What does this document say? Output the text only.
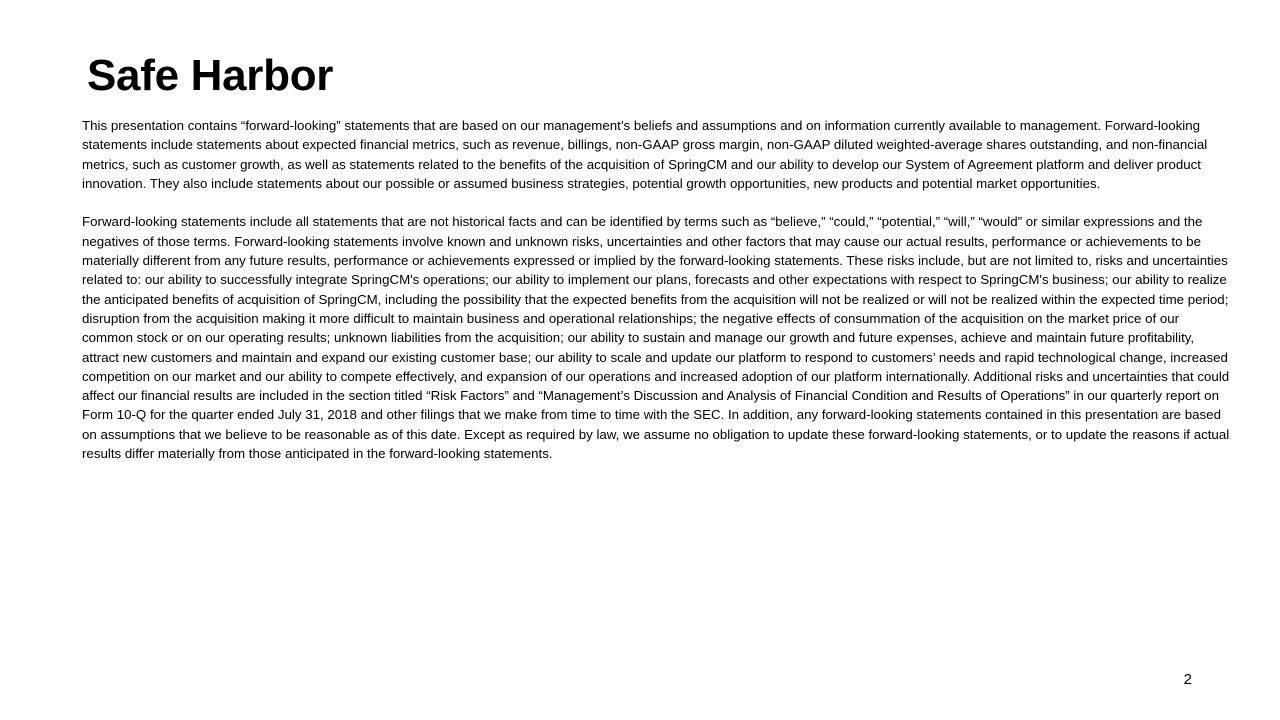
Safe Harbor

This presentation contains “forward-looking” statements that are based on our management’s beliefs and assumptions and on information currently available to management. Forward-looking statements include statements about expected financial metrics, such as revenue, billings, non-GAAP gross margin, non-GAAP diluted weighted-average shares outstanding, and non-financial metrics, such as customer growth, as well as statements related to the benefits of the acquisition of SpringCM and our ability to develop our System of Agreement platform and deliver product innovation. They also include statements about our possible or assumed business strategies, potential growth opportunities, new products and potential market opportunities.

Forward-looking statements include all statements that are not historical facts and can be identified by terms such as “believe,” “could,” “potential,” “will,” “would” or similar expressions and the negatives of those terms. Forward-looking statements involve known and unknown risks, uncertainties and other factors that may cause our actual results, performance or achievements to be materially different from any future results, performance or achievements expressed or implied by the forward-looking statements. These risks include, but are not limited to, risks and uncertainties related to: our ability to successfully integrate SpringCM's operations; our ability to implement our plans, forecasts and other expectations with respect to SpringCM's business; our ability to realize the anticipated benefits of acquisition of SpringCM, including the possibility that the expected benefits from the acquisition will not be realized or will not be realized within the expected time period; disruption from the acquisition making it more difficult to maintain business and operational relationships; the negative effects of consummation of the acquisition on the market price of our common stock or on our operating results; unknown liabilities from the acquisition; our ability to sustain and manage our growth and future expenses, achieve and maintain future profitability, attract new customers and maintain and expand our existing customer base; our ability to scale and update our platform to respond to customers’ needs and rapid technological change, increased competition on our market and our ability to compete effectively, and expansion of our operations and increased adoption of our platform internationally. Additional risks and uncertainties that could affect our financial results are included in the section titled “Risk Factors” and “Management’s Discussion and Analysis of Financial Condition and Results of Operations” in our quarterly report on Form 10-Q for the quarter ended July 31, 2018 and other filings that we make from time to time with the SEC. In addition, any forward-looking statements contained in this presentation are based on assumptions that we believe to be reasonable as of this date. Except as required by law, we assume no obligation to update these forward-looking statements, or to update the reasons if actual results differ materially from those anticipated in the forward-looking statements.

2
